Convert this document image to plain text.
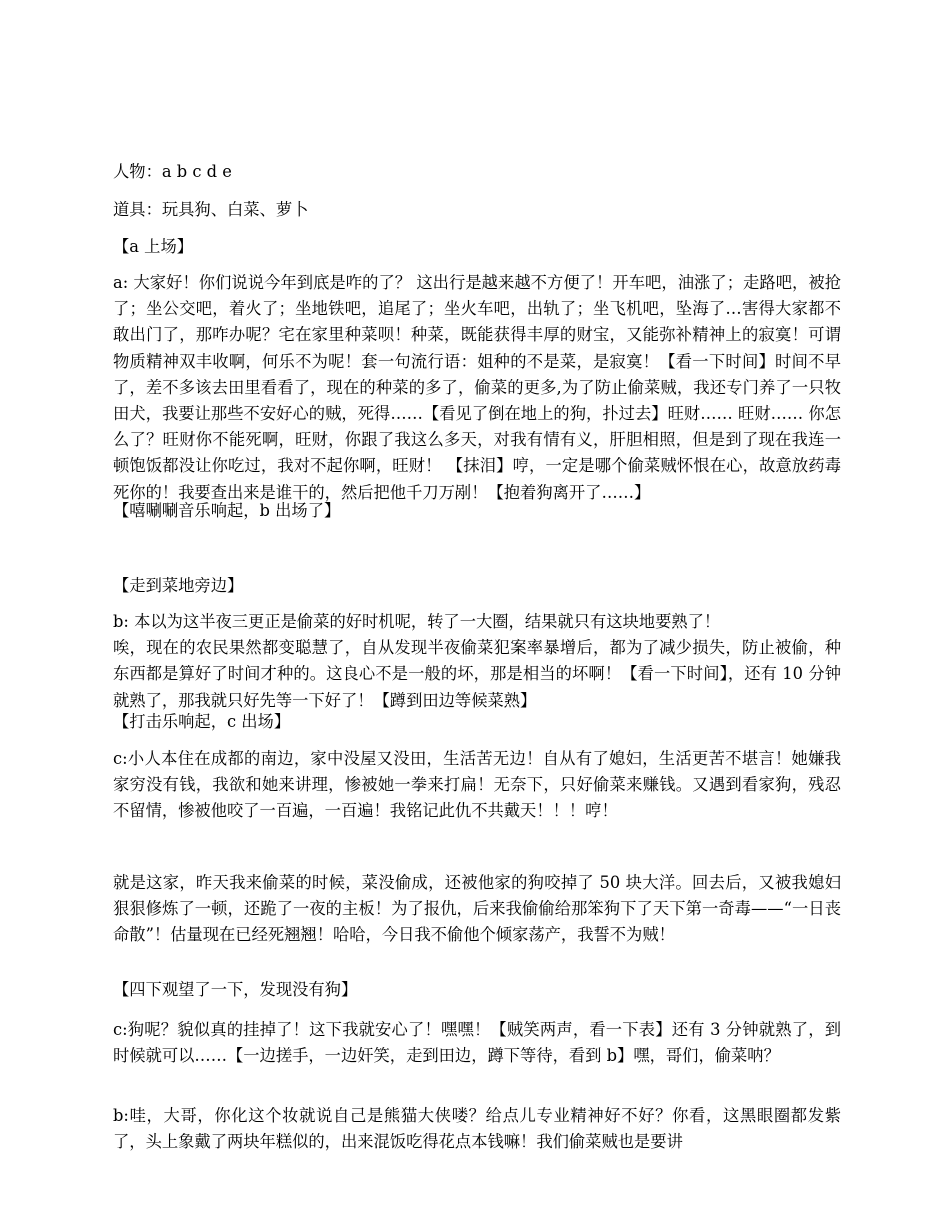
人物：a b c d e

道具：玩具狗、白菜、萝卜

【a 上场】

a: 大家好！你们说说今年到底是咋的了？ 这出行是越来越不方便了！开车吧，油涨了；走路吧，被抢了；坐公交吧，着火了；坐地铁吧，追尾了；坐火车吧，出轨了；坐飞机吧，坠海了…害得大家都不敢出门了，那咋办呢？宅在家里种菜呗！种菜，既能获得丰厚的财宝，又能弥补精神上的寂寞！可谓物质精神双丰收啊，何乐不为呢！套一句流行语：姐种的不是菜，是寂寞！【看一下时间】时间不早了，差不多该去田里看看了，现在的种菜的多了，偷菜的更多,为了防止偷菜贼，我还专门养了一只牧田犬，我要让那些不安好心的贼，死得……【看见了倒在地上的狗，扑过去】旺财…… 旺财…… 你怎么了？旺财你不能死啊，旺财，你跟了我这么多天，对我有情有义，肝胆相照，但是到了现在我连一顿饱饭都没让你吃过，我对不起你啊，旺财！ 【抹泪】哼，一定是哪个偷菜贼怀恨在心，故意放药毒死你的！我要查出来是谁干的，然后把他千刀万剐！【抱着狗离开了……】

【嘻唰唰音乐响起，b 出场了】

【走到菜地旁边】

b: 本以为这半夜三更正是偷菜的好时机呢，转了一大圈，结果就只有这块地要熟了！
唉，现在的农民果然都变聪慧了，自从发现半夜偷菜犯案率暴增后，都为了减少损失，防止被偷，种东西都是算好了时间才种的。这良心不是一般的坏，那是相当的坏啊！【看一下时间】，还有 10 分钟就熟了，那我就只好先等一下好了！【蹲到田边等候菜熟】

【打击乐响起，c 出场】

c:小人本住在成都的南边，家中没屋又没田，生活苦无边！自从有了媳妇，生活更苦不堪言！她嫌我家穷没有钱，我欲和她来讲理，惨被她一拳来打扁！无奈下，只好偷菜来赚钱。又遇到看家狗，残忍不留情，惨被他咬了一百遍，一百遍！我铭记此仇不共戴天！！！哼！

就是这家，昨天我来偷菜的时候，菜没偷成，还被他家的狗咬掉了 50 块大洋。回去后，又被我媳妇狠狠修炼了一顿，还跪了一夜的主板！为了报仇，后来我偷偷给那笨狗下了天下第一奇毒——“一日丧命散”！估量现在已经死翘翘！哈哈，今日我不偷他个倾家荡产，我誓不为贼！

【四下观望了一下，发现没有狗】

c:狗呢？貌似真的挂掉了！这下我就安心了！嘿嘿！【贼笑两声，看一下表】还有 3 分钟就熟了，到时候就可以……【一边搓手，一边奸笑，走到田边，蹲下等待，看到 b】嘿，哥们，偷菜呐？

b:哇，大哥，你化这个妆就说自己是熊猫大侠喽？给点儿专业精神好不好？你看，这黑眼圈都发紫了，头上象戴了两块年糕似的，出来混饭吃得花点本钱嘛！我们偷菜贼也是要讲
